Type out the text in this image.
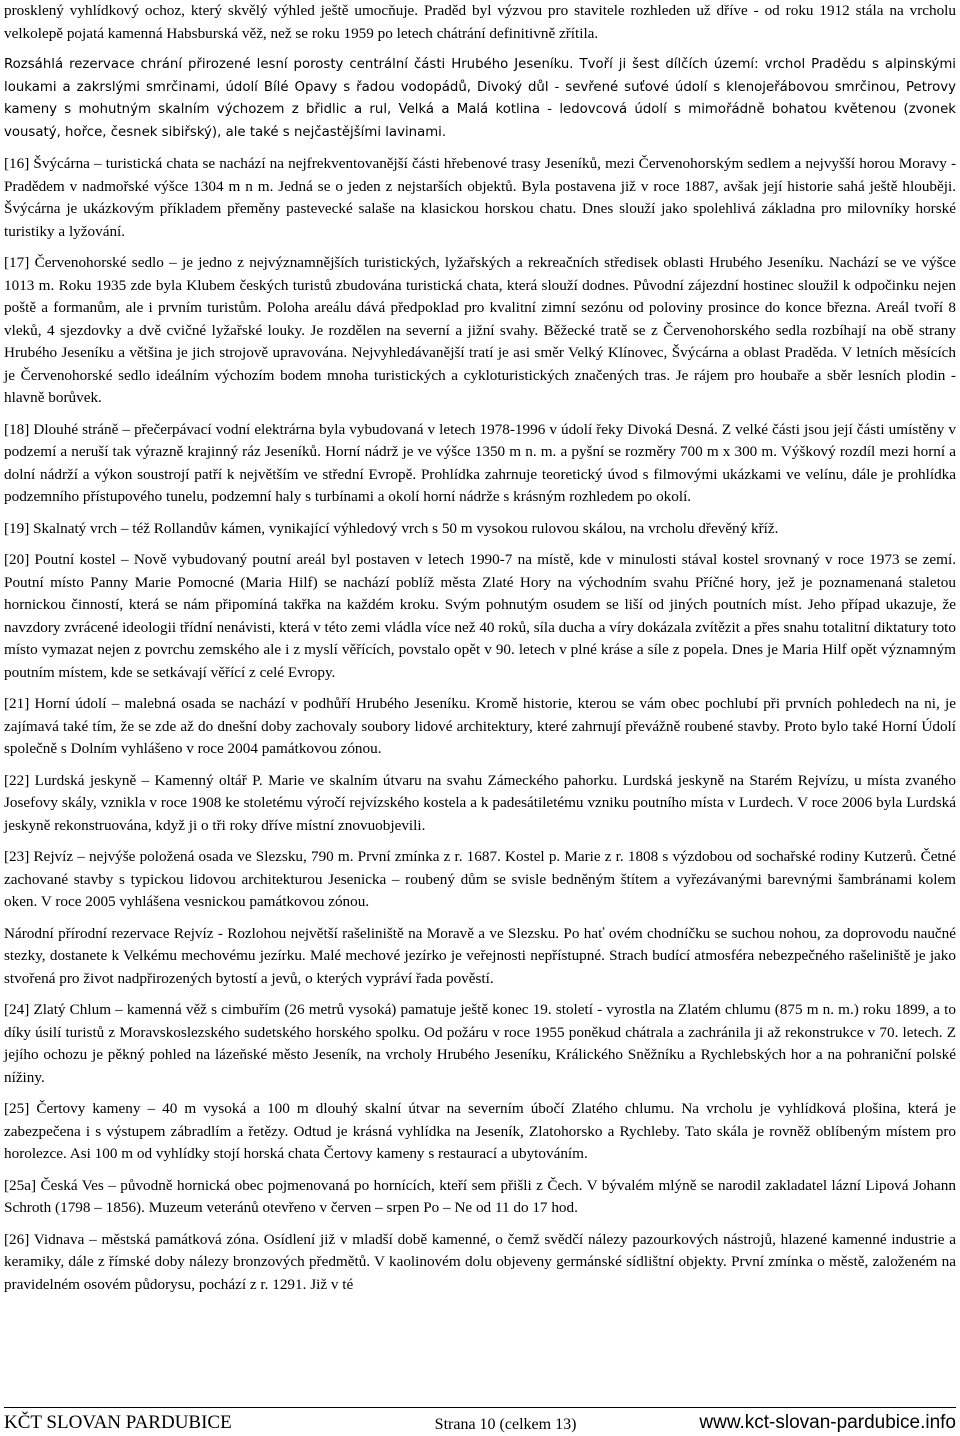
prosklený vyhlídkový ochoz, který skvělý výhled ještě umocňuje. Praděd byl výzvou pro stavitele rozhleden už dříve - od roku 1912 stála na vrcholu velkolepě pojatá kamenná Habsburská věž, než se roku 1959 po letech chátrání definitivně zřítila.

Rozsáhlá rezervace chrání přirozené lesní porosty centrální části Hrubého Jeseníku. Tvoří ji šest dílčích území: vrchol Pradědu s alpinskými loukami a zakrslými smrčinami, údolí Bílé Opavy s řadou vodopádů, Divoký důl - sevřené suťové údolí s klenojeřábovou smrčinou, Petrovy kameny s mohutným skalním výchozem z břidlic a rul, Velká a Malá kotlina - ledovcová údolí s mimořádně bohatou květenou (zvonek vousatý, hořce, česnek sibiřský), ale také s nejčastějšími lavinami.

[16] Švýcárna – turistická chata se nachází na nejfrekventovanější části hřebenové trasy Jeseníků, mezi Červenohorským sedlem a nejvyšší horou Moravy - Pradědem v nadmořské výšce 1304 m n m. Jedná se o jeden z nejstarších objektů. Byla postavena již v roce 1887, avšak její historie sahá ještě hlouběji. Švýcárna je ukázkovým příkladem přeměny pastevecké salaše na klasickou horskou chatu. Dnes slouží jako spolehlivá základna pro milovníky horské turistiky a lyžování.

[17] Červenohorské sedlo – je jedno z nejvýznamnějších turistických, lyžařských a rekreačních středisek oblasti Hrubého Jeseníku. Nachází se ve výšce 1013 m. Roku 1935 zde byla Klubem českých turistů zbudována turistická chata, která slouží dodnes. Původní zájezdní hostinec sloužil k odpočinku nejen poště a formanům, ale i prvním turistům. Poloha areálu dává předpoklad pro kvalitní zimní sezónu od poloviny prosince do konce března. Areál tvoří 8 vleků, 4 sjezdovky a dvě cvičné lyžařské louky. Je rozdělen na severní a jižní svahy. Běžecké tratě se z Červenohorského sedla rozbíhají na obě strany Hrubého Jeseníku a většina je jich strojově upravována. Nejvyhledávanější tratí je asi směr Velký Klínovec, Švýcárna a oblast Praděda. V letních měsících je Červenohorské sedlo ideálním výchozím bodem mnoha turistických a cykloturistických značených tras. Je rájem pro houbaře a sběr lesních plodin - hlavně borůvek.

[18] Dlouhé stráně – přečerpávací vodní elektrárna byla vybudovaná v letech 1978-1996 v údolí řeky Divoká Desná. Z velké části jsou její části umístěny v podzemí a neruší tak výrazně krajinný ráz Jeseníků. Horní nádrž je ve výšce 1350 m n. m. a pyšní se rozměry 700 m x 300 m. Výškový rozdíl mezi horní a dolní nádrží a výkon soustrojí patří k největším ve střední Evropě. Prohlídka zahrnuje teoretický úvod s filmovými ukázkami ve velínu, dále je prohlídka podzemního přístupového tunelu, podzemní haly s turbínami a okolí horní nádrže s krásným rozhledem po okolí.

[19] Skalnatý vrch – též Rollandův kámen, vynikající výhledový vrch s 50 m vysokou rulovou skálou, na vrcholu dřevěný kříž.

[20] Poutní kostel – Nově vybudovaný poutní areál byl postaven v letech 1990-7 na místě, kde v minulosti stával kostel srovnaný v roce 1973 se zemí. Poutní místo Panny Marie Pomocné (Maria Hilf) se nachází poblíž města Zlaté Hory na východním svahu Příčné hory, jež je poznamenaná staletou hornickou činností, která se nám připomíná takřka na každém kroku. Svým pohnutým osudem se liší od jiných poutních míst. Jeho případ ukazuje, že navzdory zvrácené ideologii třídní nenávisti, která v této zemi vládla více než 40 roků, síla ducha a víry dokázala zvítězit a přes snahu totalitní diktatury toto místo vymazat nejen z povrchu zemského ale i z myslí věřících, povstalo opět v 90. letech v plné kráse a síle z popela. Dnes je Maria Hilf opět významným poutním místem, kde se setkávají věřící z celé Evropy.

[21] Horní údolí – malebná osada se nachází v podhůří Hrubého Jeseníku. Kromě historie, kterou se vám obec pochlubí při prvních pohledech na ni, je zajímavá také tím, že se zde až do dnešní doby zachovaly soubory lidové architektury, které zahrnují převážně roubené stavby. Proto bylo také Horní Údolí společně s Dolním vyhlášeno v roce 2004 památkovou zónou.

[22] Lurdská jeskyně – Kamenný oltář P. Marie ve skalním útvaru na svahu Zámeckého pahorku. Lurdská jeskyně na Starém Rejvízu, u místa zvaného Josefovy skály, vznikla v roce 1908 ke stoletému výročí rejvízského kostela a k padesátiletému vzniku poutního místa v Lurdech. V roce 2006 byla Lurdská jeskyně rekonstruována, když ji o tři roky dříve místní znovuobjevili.

[23] Rejvíz – nejvýše položená osada ve Slezsku, 790 m. První zmínka z r. 1687. Kostel p. Marie z r. 1808 s výzdobou od sochařské rodiny Kutzerů. Četné zachované stavby s typickou lidovou architekturou Jesenicka – roubený dům se svisle bedněným štítem a vyřezávanými barevnými šambránami kolem oken. V roce 2005 vyhlášena vesnickou památkovou zónou.

Národní přírodní rezervace Rejvíz - Rozlohou největší rašeliniště na Moravě a ve Slezsku. Po hať ovém chodníčku se suchou nohou, za doprovodu naučné stezky, dostanete k Velkému mechovému jezírku. Malé mechové jezírko je veřejnosti nepřístupné. Strach budící atmosféra nebezpečného rašeliniště je jako stvořená pro život nadpřirozených bytostí a jevů, o kterých vypráví řada pověstí.

[24] Zlatý Chlum – kamenná věž s cimbuřím (26 metrů vysoká) pamatuje ještě konec 19. století - vyrostla na Zlatém chlumu (875 m n. m.) roku 1899, a to díky úsilí turistů z Moravskoslezského sudetského horského spolku. Od požáru v roce 1955 poněkud chátrala a zachránila ji až rekonstrukce v 70. letech. Z jejího ochozu je pěkný pohled na lázeňské město Jeseník, na vrcholy Hrubého Jeseníku, Králického Sněžníku a Rychlebských hor a na pohraniční polské nížiny.

[25] Čertovy kameny – 40 m vysoká a 100 m dlouhý skalní útvar na severním úbočí Zlatého chlumu. Na vrcholu je vyhlídková plošina, která je zabezpečena i s výstupem zábradlím a řetězy. Odtud je krásná vyhlídka na Jeseník, Zlatohorsko a Rychleby. Tato skála je rovněž oblíbeným místem pro horolezce. Asi 100 m od vyhlídky stojí horská chata Čertovy kameny s restaurací a ubytováním.

[25a] Česká Ves – původně hornická obec pojmenovaná po hornících, kteří sem přišli z Čech. V bývalém mlýně se narodil zakladatel lázní Lipová Johann Schroth (1798 – 1856). Muzeum veteránů otevřeno v červen – srpen Po – Ne od 11 do 17 hod.

[26] Vidnava – městská památková zóna. Osídlení již v mladší době kamenné, o čemž svědčí nálezy pazourkových nástrojů, hlazené kamenné industrie a keramiky, dále z římské doby nálezy bronzových předmětů. V kaolinovém dolu objeveny germánské sídlištní objekty. První zmínka o městě, založeném na pravidelném osovém půdorysu, pochází z r. 1291. Již v té

KČT SLOVAN PARDUBICE	Strana 10 (celkem 13)	www.kct-slovan-pardubice.info
